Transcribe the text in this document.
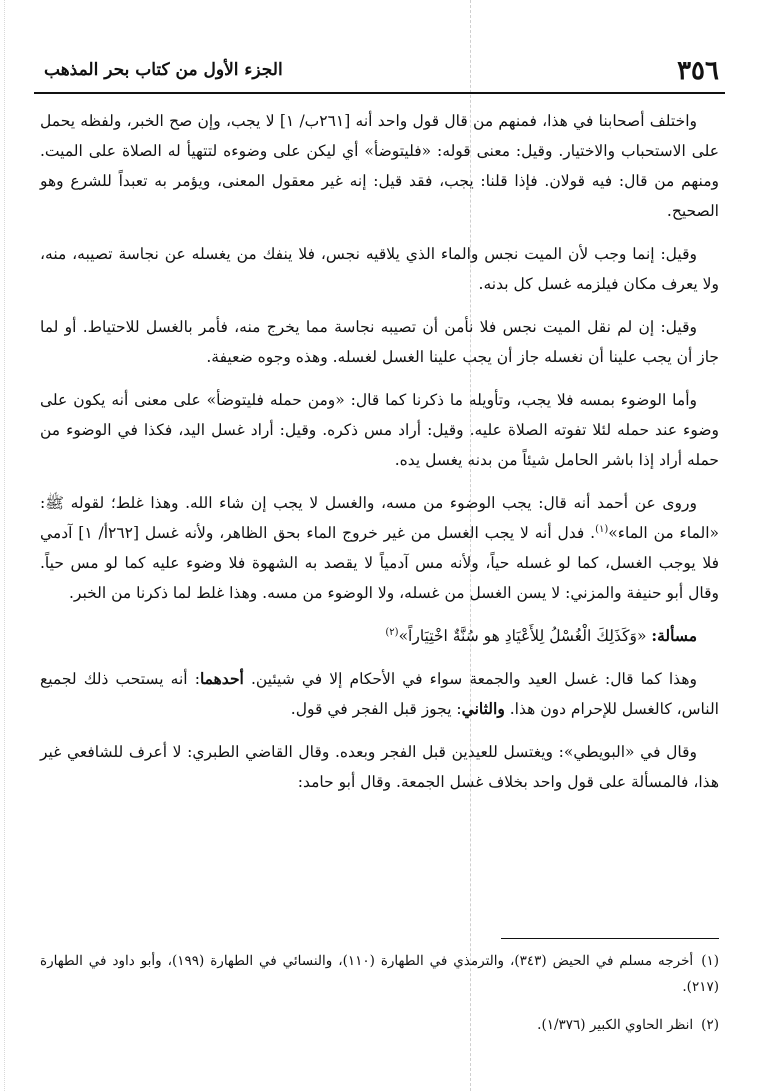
٣٥٦
الجزء الأول من كتاب بحر المذهب

واختلف أصحابنا في هذا، فمنهم من قال قول واحد أنه [٢٦١ب/ ١] لا يجب، وإن صح الخبر، ولفظه يحمل على الاستحباب والاختيار. وقيل: معنى قوله: «فليتوضأ» أي ليكن على وضوءه لتتهيأ له الصلاة على الميت. ومنهم من قال: فيه قولان. فإذا قلنا: يجب، فقد قيل: إنه غير معقول المعنى، ويؤمر به تعبداً للشرع وهو الصحيح.

وقيل: إنما وجب لأن الميت نجس والماء الذي يلاقيه نجس، فلا ينفك من يغسله عن نجاسة تصيبه، منه، ولا يعرف مكان فيلزمه غسل كل بدنه.

وقيل: إن لم نقل الميت نجس فلا نأمن أن تصيبه نجاسة مما يخرج منه، فأمر بالغسل للاحتياط. أو لما جاز أن يجب علينا أن نغسله جاز أن يجب علينا الغسل لغسله. وهذه وجوه ضعيفة.

وأما الوضوء بمسه فلا يجب، وتأويله ما ذكرنا كما قال: «ومن حمله فليتوضأ» على معنى أنه يكون على وضوء عند حمله لئلا تفوته الصلاة عليه. وقيل: أراد مس ذكره. وقيل: أراد غسل اليد، فكذا في الوضوء من حمله أراد إذا باشر الحامل شيئاً من بدنه يغسل يده.

وروى عن أحمد أنه قال: يجب الوضوء من مسه، والغسل لا يجب إن شاء الله. وهذا غلط؛ لقوله ﷺ: «الماء من الماء»$^{(١)}$. فدل أنه لا يجب الغسل من غير خروج الماء بحق الظاهر، ولأنه غسل [٢٦٢أ/ ١] آدمي فلا يوجب الغسل، كما لو غسله حياً، ولأنه مس آدمياً لا يقصد به الشهوة فلا وضوء عليه كما لو مس حياً. وقال أبو حنيفة والمزني: لا يسن الغسل من غسله، ولا الوضوء من مسه. وهذا غلط لما ذكرنا من الخبر.

مسألة: «وَكَذَلِكَ الْغُسْلُ لِلأَعْيَادِ هو سُنَّةٌ اخْتِيَاراً»$^{(٢)}$

وهذا كما قال: غسل العيد والجمعة سواء في الأحكام إلا في شيئين. أحدهما: أنه يستحب ذلك لجميع الناس، كالغسل للإحرام دون هذا. والثاني: يجوز قبل الفجر في قول.

وقال في «البويطي»: ويغتسل للعيدين قبل الفجر وبعده. وقال القاضي الطبري: لا أعرف للشافعي غير هذا، فالمسألة على قول واحد بخلاف غسل الجمعة. وقال أبو حامد:

(١)أخرجه مسلم في الحيض (٣٤٣)، والترمذي في الطهارة (١١٠)، والنسائي في الطهارة (١٩٩)، وأبو داود في الطهارة (٢١٧).
(٢)انظر الحاوي الكبير (١/٣٧٦).
